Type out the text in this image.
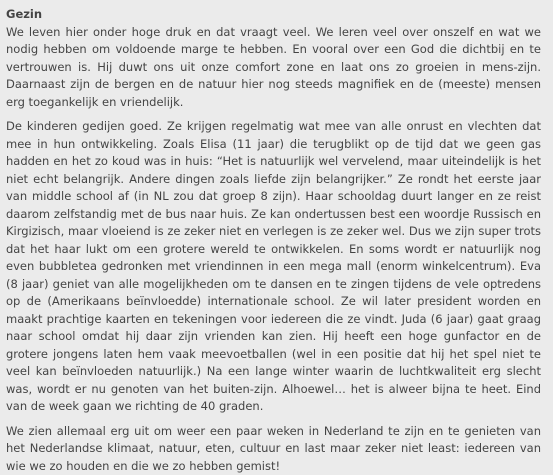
Gezin

We leven hier onder hoge druk en dat vraagt veel. We leren veel over onszelf en wat we nodig hebben om voldoende marge te hebben. En vooral over een God die dichtbij en te vertrouwen is. Hij duwt ons uit onze comfort zone en laat ons zo groeien in mens-zijn. Daarnaast zijn de bergen en de natuur hier nog steeds magnifiek en de (meeste) mensen erg toegankelijk en vriendelijk.

De kinderen gedijen goed. Ze krijgen regelmatig wat mee van alle onrust en vlechten dat mee in hun ontwikkeling. Zoals Elisa (11 jaar) die terugblikt op de tijd dat we geen gas hadden en het zo koud was in huis: “Het is natuurlijk wel vervelend, maar uiteindelijk is het niet echt belangrijk. Andere dingen zoals liefde zijn belangrijker.” Ze rondt het eerste jaar van middle school af (in NL zou dat groep 8 zijn). Haar schooldag duurt langer en ze reist daarom zelfstandig met de bus naar huis. Ze kan ondertussen best een woordje Russisch en Kirgizisch, maar vloeiend is ze zeker niet en verlegen is ze zeker wel. Dus we zijn super trots dat het haar lukt om een grotere wereld te ontwikkelen. En soms wordt er natuurlijk nog even bubbletea gedronken met vriendinnen in een mega mall (enorm winkelcentrum). Eva (8 jaar) geniet van alle mogelijkheden om te dansen en te zingen tijdens de vele optredens op de (Amerikaans beïnvloedde) internationale school. Ze wil later president worden en maakt prachtige kaarten en tekeningen voor iedereen die ze vindt. Juda (6 jaar) gaat graag naar school omdat hij daar zijn vrienden kan zien. Hij heeft een hoge gunfactor en de grotere jongens laten hem vaak meevoetballen (wel in een positie dat hij het spel niet te veel kan beïnvloeden natuurlijk.) Na een lange winter waarin de luchtkwaliteit erg slecht was, wordt er nu genoten van het buiten-zijn. Alhoewel… het is alweer bijna te heet. Eind van de week gaan we richting de 40 graden.

We zien allemaal erg uit om weer een paar weken in Nederland te zijn en te genieten van het Nederlandse klimaat, natuur, eten, cultuur en last maar zeker niet least: iedereen van wie we zo houden en die we zo hebben gemist!
